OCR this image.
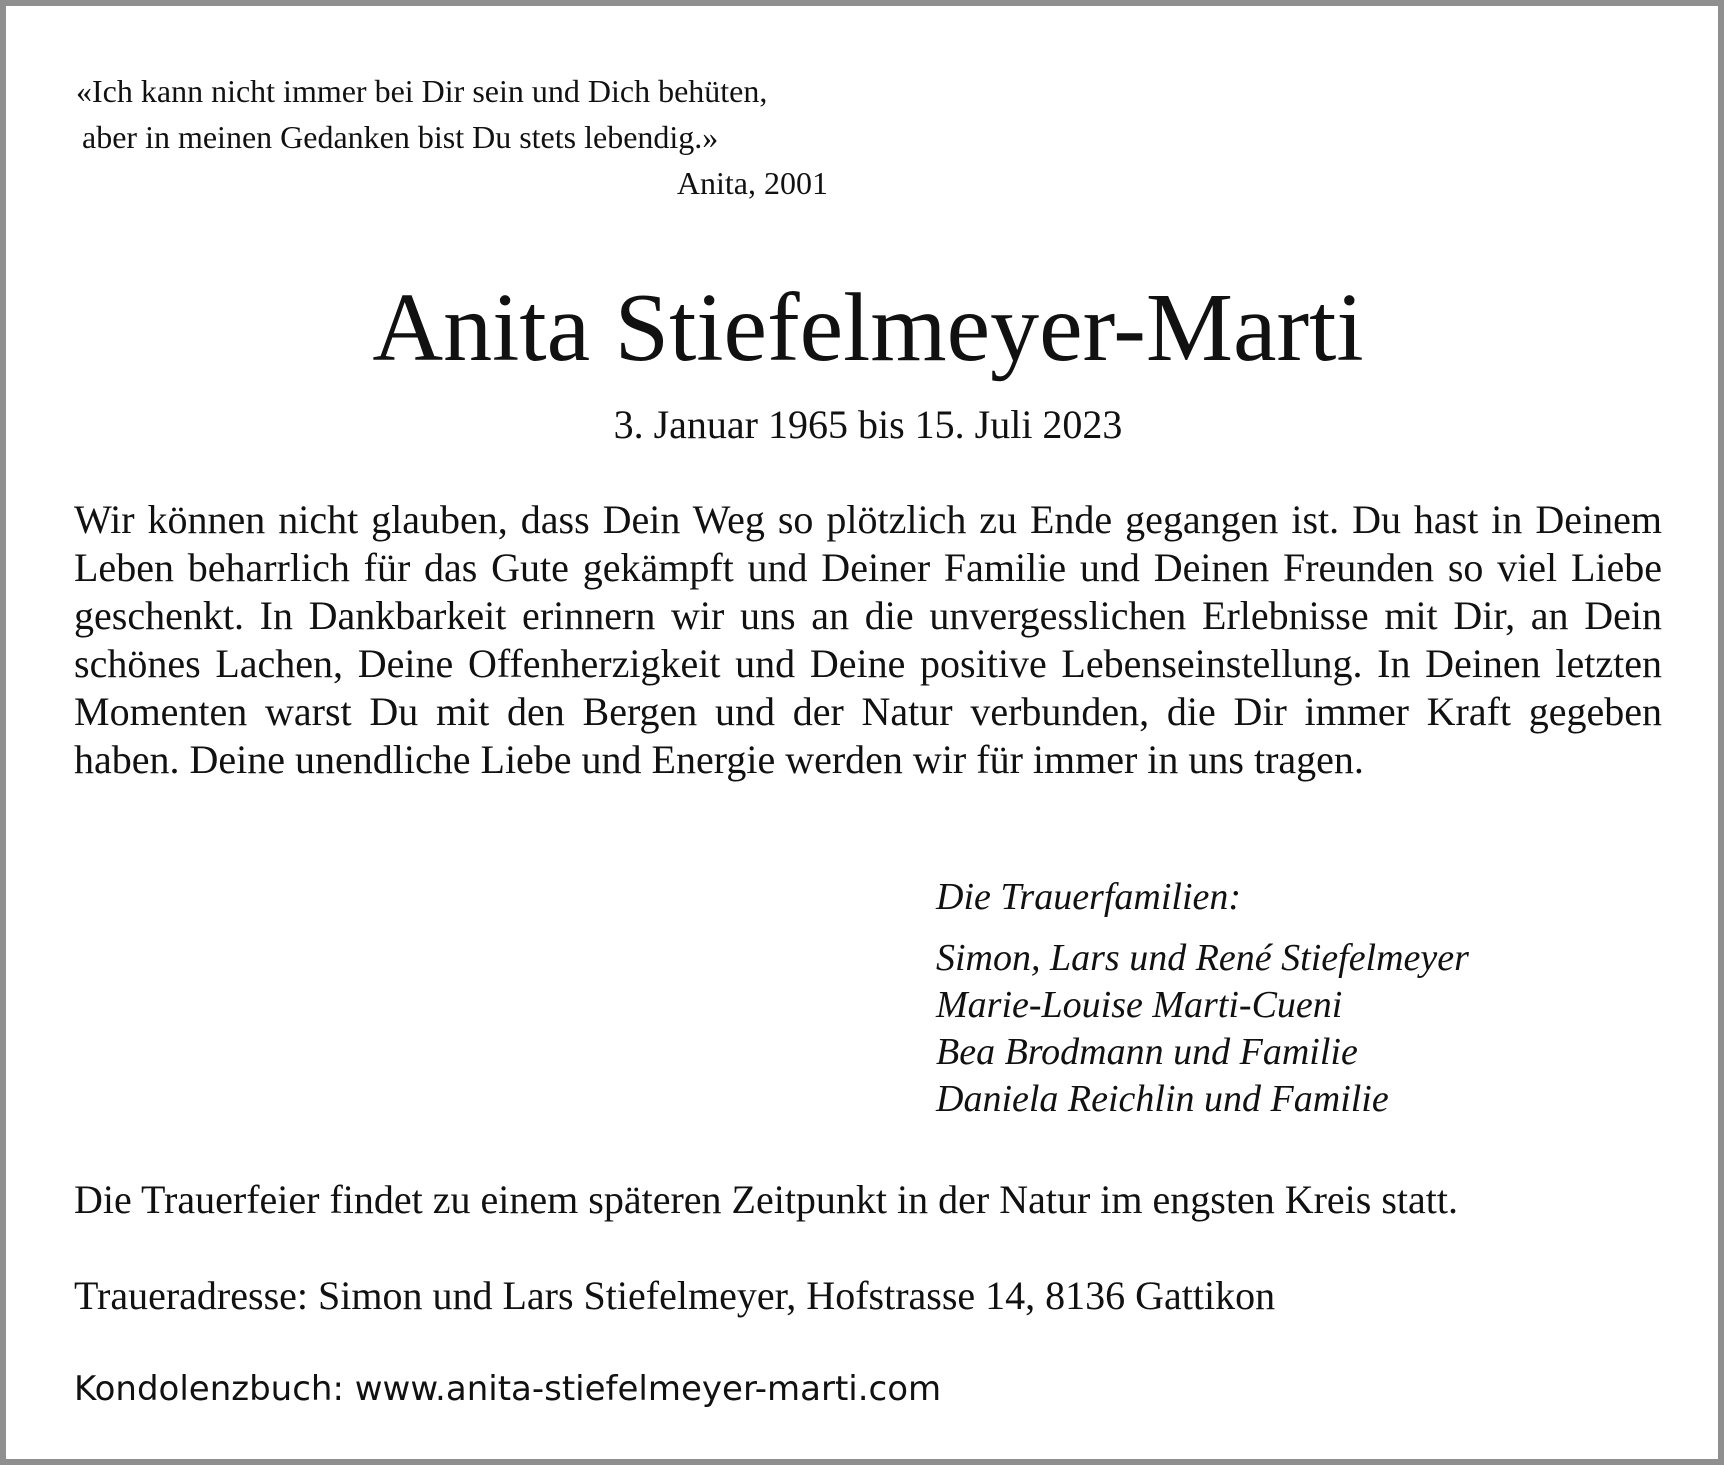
«Ich kann nicht immer bei Dir sein und Dich behüten,
aber in meinen Gedanken bist Du stets lebendig.»
Anita, 2001
Anita Stiefelmeyer-Marti
3. Januar 1965 bis 15. Juli 2023
Wir können nicht glauben, dass Dein Weg so plötzlich zu Ende gegangen ist. Du hast in Deinem Leben beharrlich für das Gute gekämpft und Deiner Familie und Deinen Freunden so viel Liebe geschenkt. In Dankbarkeit erinnern wir uns an die unvergesslichen Erlebnisse mit Dir, an Dein schönes Lachen, Deine Offenherzigkeit und Deine positive Lebenseinstellung. In Deinen letzten Momenten warst Du mit den Bergen und der Natur verbunden, die Dir immer Kraft gegeben haben. Deine unendliche Liebe und Energie werden wir für immer in uns tragen.
Die Trauerfamilien:
Simon, Lars und René Stiefelmeyer
Marie-Louise Marti-Cueni
Bea Brodmann und Familie
Daniela Reichlin und Familie
Die Trauerfeier findet zu einem späteren Zeitpunkt in der Natur im engsten Kreis statt.
Traueradresse: Simon und Lars Stiefelmeyer, Hofstrasse 14, 8136 Gattikon
Kondolenzbuch: www.anita-stiefelmeyer-marti.com
